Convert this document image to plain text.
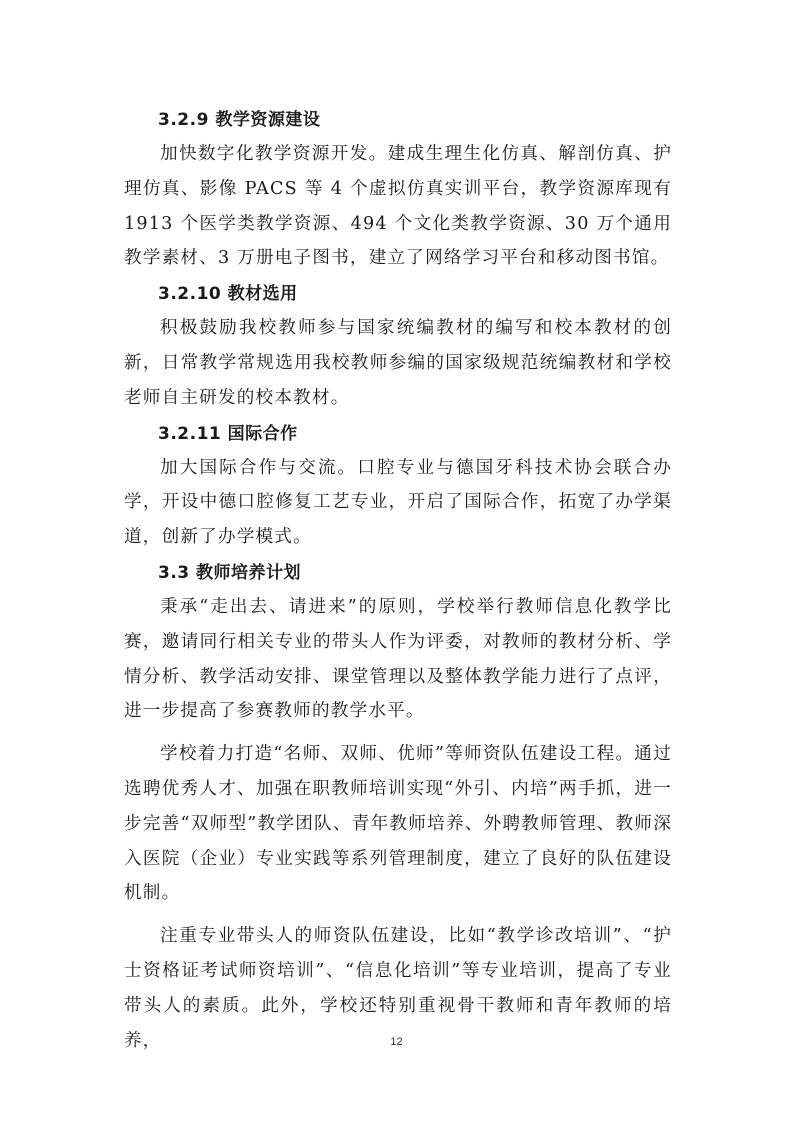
3.2.9 教学资源建设

加快数字化教学资源开发。建成生理生化仿真、解剖仿真、护理仿真、影像 PACS 等 4 个虚拟仿真实训平台，教学资源库现有 1913 个医学类教学资源、494 个文化类教学资源、30 万个通用教学素材、3 万册电子图书，建立了网络学习平台和移动图书馆。

3.2.10 教材选用

积极鼓励我校教师参与国家统编教材的编写和校本教材的创新，日常教学常规选用我校教师参编的国家级规范统编教材和学校老师自主研发的校本教材。

3.2.11 国际合作

加大国际合作与交流。口腔专业与德国牙科技术协会联合办学，开设中德口腔修复工艺专业，开启了国际合作，拓宽了办学渠道，创新了办学模式。

3.3 教师培养计划

秉承“走出去、请进来”的原则，学校举行教师信息化教学比赛，邀请同行相关专业的带头人作为评委，对教师的教材分析、学情分析、教学活动安排、课堂管理以及整体教学能力进行了点评，进一步提高了参赛教师的教学水平。

学校着力打造“名师、双师、优师”等师资队伍建设工程。通过选聘优秀人才、加强在职教师培训实现“外引、内培”两手抓，进一步完善“双师型”教学团队、青年教师培养、外聘教师管理、教师深入医院（企业）专业实践等系列管理制度，建立了良好的队伍建设机制。

注重专业带头人的师资队伍建设，比如“教学诊改培训”、“护士资格证考试师资培训”、“信息化培训”等专业培训，提高了专业带头人的素质。此外，学校还特别重视骨干教师和青年教师的培养，	12
